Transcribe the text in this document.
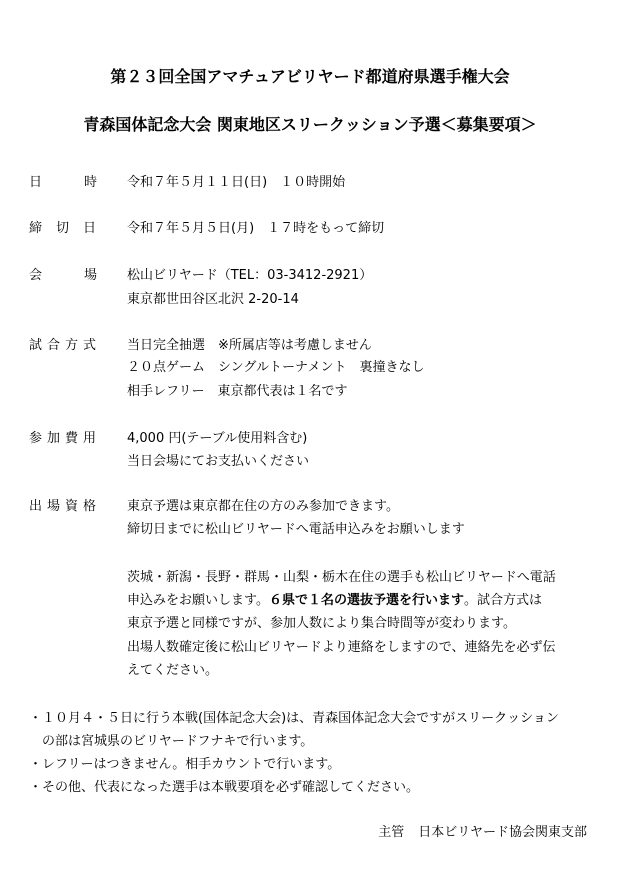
第２３回全国アマチュアビリヤード都道府県選手権大会
青森国体記念大会 関東地区スリークッション予選＜募集要項＞
日時
令和７年５月１１日(日)　１０時開始
締切日 令和７年５月５日(月)　１７時をもって締切
会場
松山ビリヤード（TEL：03-3412-2921）
東京都世田谷区北沢 2-20-14
試合方式 当日完全抽選　※所属店等は考慮しません
２０点ゲーム　シングルトーナメント　裏撞きなし
相手レフリー　東京都代表は１名です
参加費用 4,000 円(テーブル使用料含む)
当日会場にてお支払いください
出場資格 東京予選は東京都在住の方のみ参加できます。
締切日までに松山ビリヤードへ電話申込みをお願いします
茨城・新潟・長野・群馬・山梨・栃木在住の選手も松山ビリヤードへ電話
申込みをお願いします。６県で１名の選抜予選を行います。試合方式は
東京予選と同様ですが、参加人数により集合時間等が変わります。
出場人数確定後に松山ビリヤードより連絡をしますので、連絡先を必ず伝
えてください。
・１０月４・５日に行う本戦(国体記念大会)は、青森国体記念大会ですがスリークッション
の部は宮城県のビリヤードフナキで行います。
・レフリーはつきません。相手カウントで行います。
・その他、代表になった選手は本戦要項を必ず確認してください。
主管 日本ビリヤード協会関東支部
